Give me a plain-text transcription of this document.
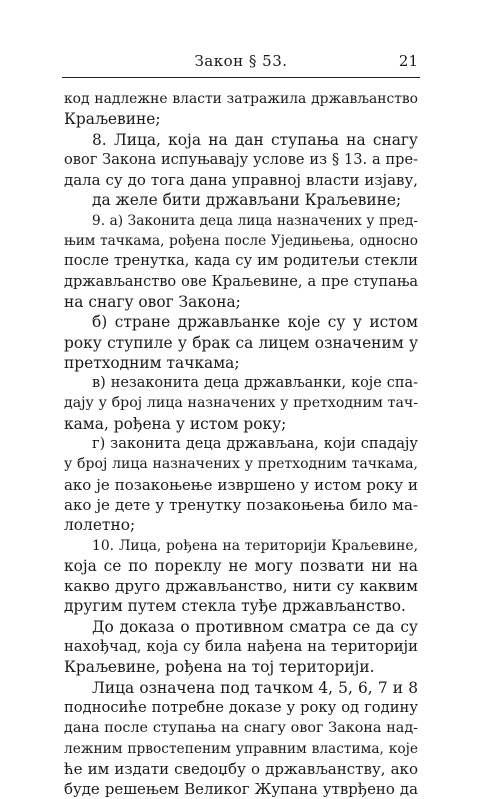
Закон § 53.	21
код надлежне власти затражила држављанство
Краљевине;
8. Лица, која на дан ступања на снагу
овог Закона испуњавају услове из § 13. а пре-
дала су до тога дана управној власти изјаву,
да желе бити држављани Краљевине;
9. а) Законита деца лица назначених у пред-
њим тачкама, рођена после Уједињења, односно
после тренутка, када су им родитељи стекли
држављанство ове Краљевине, а пре ступања
на снагу овог Закона;
б) стране држављанке које су у истом
року ступиле у брак са лицем означеним у
претходним тачкама;
в) незаконита деца држављанки, које спа-
дају у број лица назначених у претходним тач-
кама, рођена у истом року;
г) законита деца држављана, који спадају
у број лица назначених у претходним тачкама,
ако је позакоњење извршено у истом року и
ако је дете у тренутку позакоњења било ма-
лолетно;
10. Лица, рођена на територији Краљевине,
која се по пореклу не могу позвати ни на
какво друго држављанство, нити су каквим
другим путем стекла туђе држављанство.
До доказа о противном сматра се да су
нахођчад, која су била нађена на територији
Краљевине, рођена на тој територији.
Лица означена под тачком 4, 5, 6, 7 и 8
подносиће потребне доказе у року од годину
дана после ступања на снагу овог Закона над-
лежним првостепеним управним властима, које
ће им издати сведоџбу о држављанству, ако
буде решењем Великог Жупана утврђено да
